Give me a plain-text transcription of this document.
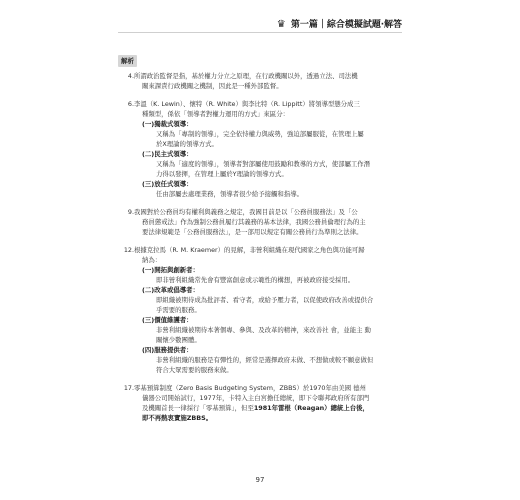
♛ 第一篇｜綜合模擬試題‧解答
解析
4.所謂政治監督是指，基於權力分立之原理，在行政機關以外，透過立法、司法機
關來課責行政機關之機制，因此是一種外部監督。
6.李溫（K. Lewin）、懷特（R. White）與李比特（R. Lippitt）將領導型態分成三
種類型，係依「領導者對權力運用的方式」來區分：
(一)獨裁式領導：
又稱為「專制的領導」，完全依恃權力與威勢，強迫部屬服從，在管理上屬
於X理論的領導方式。
(二)民主式領導：
又稱為「適度的領導」，領導者對部屬使用鼓勵和教導的方式，使部屬工作潛
力得以發揮，在管理上屬於Y理論的領導方式。
(三)放任式領導：
任由部屬去處理業務，領導者很少給予接觸和指導。
9.我國對於公務員均有權利與義務之規定，我國目前是以「公務員服務法」及「公
務員懲戒法」作為強制公務員履行其義務的基本法律，我國公務員倫理行為的主
要法律規範是「公務員服務法」，是一部用以規定有關公務員行為準則之法律。
12.根據克拉馬（R. M. Kraemer）的見解，非營利組織在現代國家之角色與功能可歸
納為：
(一)開拓與創新者：
即非營利組織常先會有豐富創意或示範性的構想，再被政府接受採用。
(二)改革或倡導者：
即組織被期待成為批評者、看守者，或給予壓力者，以促使政府改善或提供合
乎需要的服務。
(三)價值維護者：
非營利組織被期待本著個專、參與、及改革的精神，來改善社 會，並能主 動
關懷少數團體。
(四)服務提供者：
非營利組織的服務是有彈性的，經常是選擇政府未做、不想做或較不願意做但
符合大眾需要的服務來做。
17.零基預算制度（Zero Basis Budgeting System，ZBBS）於1970年由美國 德州
儀器公司開始試行，1977年，卡特入主白宮擔任總統，即下令聯邦政府所有部門
及機關首長一律採行「零基預算」，但至1981年雷根（Reagan）總統上台後，
即不再熱衷實施ZBBS。
97
